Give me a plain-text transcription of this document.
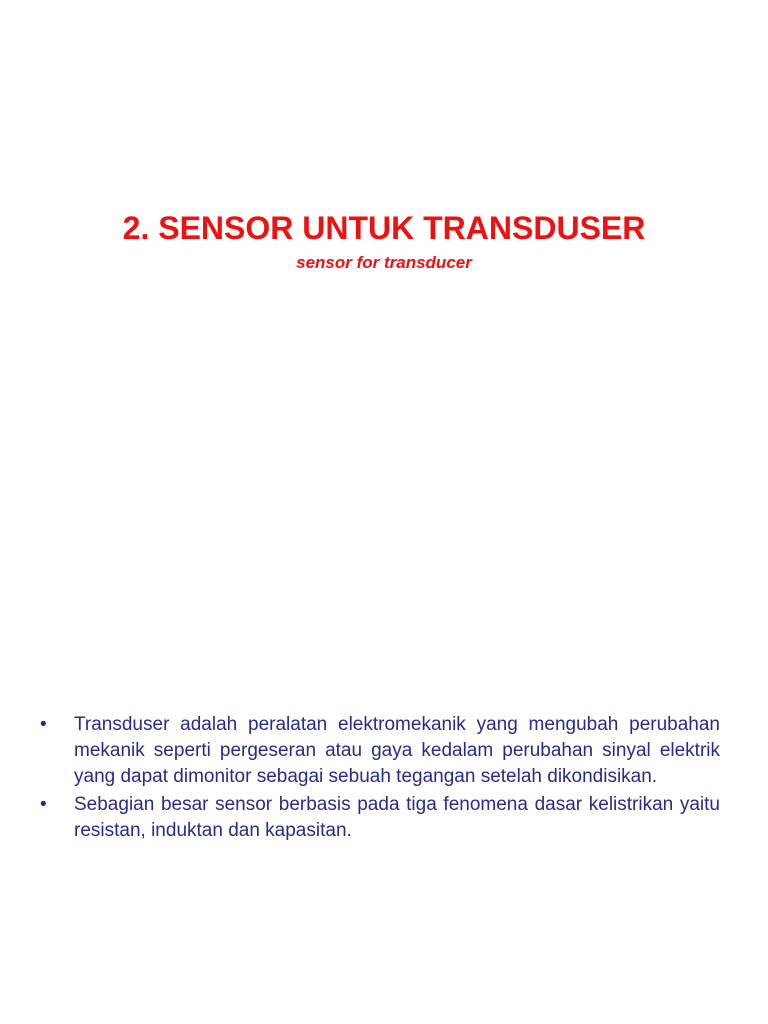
2. SENSOR UNTUK TRANSDUSER

sensor for transducer

• Transduser adalah peralatan elektromekanik yang mengubah perubahan mekanik seperti pergeseran atau gaya kedalam perubahan sinyal elektrik yang dapat dimonitor sebagai sebuah tegangan setelah dikondisikan.
• Sebagian besar sensor berbasis pada tiga fenomena dasar kelistrikan yaitu resistan, induktan dan kapasitan.
